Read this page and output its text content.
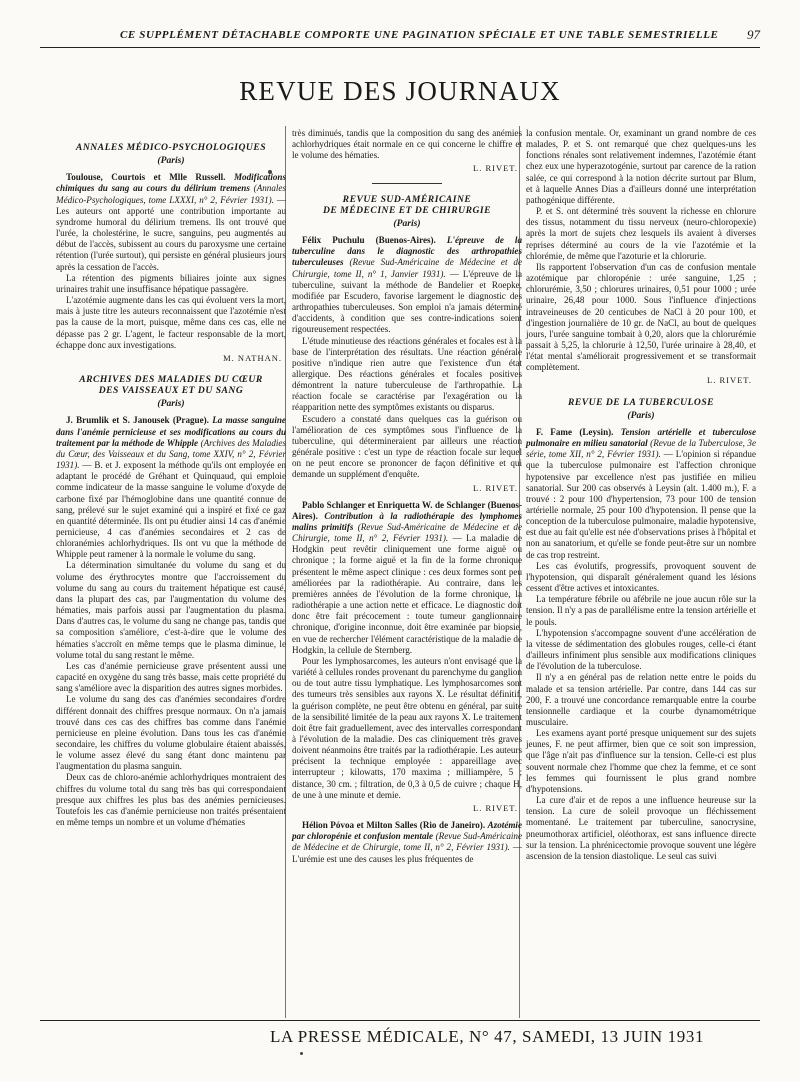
CE SUPPLÉMENT DÉTACHABLE COMPORTE UNE PAGINATION SPÉCIALE ET UNE TABLE SEMESTRIELLE 97
REVUE DES JOURNAUX
ANNALES MÉDICO-PSYCHOLOGIQUES
(Paris)

Toulouse, Courtois et Mlle Russell. Modifications chimiques du sang au cours du délirium tremens (Annales Médico-Psychologiques, tome LXXXI, n° 2, Février 1931). — Les auteurs ont apporté une contribution importante au syndrome humoral du délirium tremens. Ils ont trouvé que l'urée, la cholestérine, le sucre, sanguins, peu augmentés au début de l'accès, subissent au cours du paroxysme une certaine rétention (l'urée surtout), qui persiste en général plusieurs jours après la cessation de l'accès.

La rétention des pigments biliaires jointe aux signes urinaires trahit une insuffisance hépatique passagère.

L'azotémie augmente dans les cas qui évoluent vers la mort, mais à juste titre les auteurs reconnaissent que l'azotémie n'est pas la cause de la mort, puisque, même dans ces cas, elle ne dépasse pas 2 gr. L'agent, le facteur responsable de la mort, échappe donc aux investigations.

M. NATHAN.
ARCHIVES DES MALADIES DU CŒUR
DES VAISSEAUX ET DU SANG
(Paris)

J. Brumlik et S. Janousek (Prague). La masse sanguine dans l'anémie pernicieuse et ses modifications au cours du traitement par la méthode de Whipple (Archives des Maladies du Cœur, des Vaisseaux et du Sang, tome XXIV, n° 2, Février 1931). — B. et J. exposent la méthode qu'ils ont employée en adaptant le procédé de Gréhant et Quinquaud, qui emploie comme indicateur de la masse sanguine le volume d'oxyde de carbone fixé par l'hémoglobine dans une quantité connue de sang, prélevé sur le sujet examiné qui a inspiré et fixé ce gaz en quantité déterminée. Ils ont pu étudier ainsi 14 cas d'anémie pernicieuse, 4 cas d'anémies secondaires et 2 cas de chloranémies achlorhydriques. Ils ont vu que la méthode de Whipple peut ramener à la normale le volume du sang.

La détermination simultanée du volume du sang et du volume des érythrocytes montre que l'accroissement du volume du sang au cours du traitement hépatique est causé, dans la plupart des cas, par l'augmentation du volume des hématies, mais parfois aussi par l'augmentation du plasma. Dans d'autres cas, le volume du sang ne change pas, tandis que sa composition s'améliore, c'est-à-dire que le volume des hématies s'accroît en même temps que le plasma diminue, le volume total du sang restant le même.

Les cas d'anémie pernicieuse grave présentent aussi une capacité en oxygène du sang très basse, mais cette propriété du sang s'améliore avec la disparition des autres signes morbides.

Le volume du sang des cas d'anémies secondaires d'ordre différent donnait des chiffres presque normaux. On n'a jamais trouvé dans ces cas des chiffres bas comme dans l'anémie pernicieuse en pleine évolution. Dans tous les cas d'anémie secondaire, les chiffres du volume globulaire étaient abaissés, le volume assez élevé du sang étant donc maintenu par l'augmentation du plasma sanguin.

Deux cas de chloro-anémie achlorhydriques montraient des chiffres du volume total du sang très bas qui correspondaient presque aux chiffres les plus bas des anémies pernicieuses. Toutefois les cas d'anémie pernicieuse non traités présentaient en même temps un nombre et un volume d'hématies

très diminués, tandis que la composition du sang des anémies achlorhydriques était normale en ce qui concerne le chiffre et le volume des hématies.

L. RIVET.
REVUE SUD-AMÉRICAINE
DE MÉDECINE ET DE CHIRURGIE
(Paris)

Félix Puchulu (Buenos-Aires). L'épreuve de la tuberculine dans le diagnostic des arthropathies tuberculeuses (Revue Sud-Américaine de Médecine et de Chirurgie, tome II, n° 1, Janvier 1931). — L'épreuve de la tuberculine, suivant la méthode de Bandelier et Roepke, modifiée par Escudero, favorise largement le diagnostic des arthropathies tuberculeuses. Son emploi n'a jamais déterminé d'accidents, à condition que ses contre-indications soient rigoureusement respectées.

L'étude minutieuse des réactions générales et focales est à la base de l'interprétation des résultats. Une réaction générale positive n'indique rien autre que l'existence d'un état allergique. Des réactions générales et focales positives démontrent la nature tuberculeuse de l'arthropathie. La réaction focale se caractérise par l'exagération ou la réapparition nette des symptômes existants ou disparus.

Escudero a constaté dans quelques cas la guérison ou l'amélioration de ces symptômes sous l'influence de la tuberculine, qui détermineraient par ailleurs une réaction générale positive : c'est un type de réaction focale sur lequel on ne peut encore se prononcer de façon définitive et qui demande un supplément d'enquête.

L. RIVET.

Pablo Schlanger et Enriquetta W. de Schlanger (Buenos-Aires). Contribution à la radiothérapie des lymphomes malins primitifs (Revue Sud-Américaine de Médecine et de Chirurgie, tome II, n° 2, Février 1931). — La maladie de Hodgkin peut revêtir cliniquement une forme aiguë ou chronique ; la forme aiguë et la fin de la forme chronique présentent le même aspect clinique : ces deux formes sont peu améliorées par la radiothérapie. Au contraire, dans les premières années de l'évolution de la forme chronique, la radiothérapie a une action nette et efficace. Le diagnostic doit donc être fait précocement : toute tumeur ganglionnaire chronique, d'origine inconnue, doit être examinée par biopsie, en vue de rechercher l'élément caractéristique de la maladie de Hodgkin, la cellule de Sternberg.

Pour les lymphosarcomes, les auteurs n'ont envisagé que la variété à cellules rondes provenant du parenchyme du ganglion ou de tout autre tissu lymphatique. Les lymphosarcomes sont des tumeurs très sensibles aux rayons X. Le résultat définitif, la guérison complète, ne peut être obtenu en général, par suite de la sensibilité limitée de la peau aux rayons X. Le traitement doit être fait graduellement, avec des intervalles correspondant à l'évolution de la maladie. Des cas cliniquement très graves doivent néanmoins être traités par la radiothérapie. Les auteurs précisent la technique employée : appareillage avec interrupteur ; kilowatts, 170 maxima ; milliampère, 5 ; distance, 30 cm. ; filtration, de 0,3 à 0,5 de cuivre ; chaque H, de une à une minute et demie.

L. RIVET.

Hélion Póvoa et Milton Salles (Rio de Janeiro). Azotémie par chloropénie et confusion mentale (Revue Sud-Américaine de Médecine et de Chirurgie, tome II, n° 2, Février 1931). — L'urémie est une des causes les plus fréquentes de

la confusion mentale. Or, examinant un grand nombre de ces malades, P. et S. ont remarqué que chez quelques-uns les fonctions rénales sont relativement indemnes, l'azotémie étant chez eux une hyperazotogénie, surtout par carence de la ration salée, ce qui correspond à la notion décrite surtout par Blum, et à laquelle Annes Dias a d'ailleurs donné une interprétation pathogénique différente.

P. et S. ont déterminé très souvent la richesse en chlorure des tissus, notamment du tissu nerveux (neuro-chloropexie) après la mort de sujets chez lesquels ils avaient à diverses reprises déterminé au cours de la vie l'azotémie et la chlorémie, de même que l'azoturie et la chlorurie.

Ils rapportent l'observation d'un cas de confusion mentale azotémique par chloropénie : urée sanguine, 1,25 ; chlorurémie, 3,50 ; chlorures urinaires, 0,51 pour 1000 ; urée urinaire, 26,48 pour 1000. Sous l'influence d'injections intraveineuses de 20 centicubes de NaCl à 20 pour 100, et d'ingestion journalière de 10 gr. de NaCl, au bout de quelques jours, l'urée sanguine tombait à 0,20, alors que la chlorurémie passait à 5,25, la chlorurie à 12,50, l'urée urinaire à 28,40, et l'état mental s'améliorait progressivement et se transformait complètement.

L. RIVET.
REVUE DE LA TUBERCULOSE
(Paris)

F. Fame (Leysin). Tension artérielle et tuberculose pulmonaire en milieu sanatorial (Revue de la Tuberculose, 3e série, tome XII, n° 2, Février 1931). — L'opinion si répandue que la tuberculose pulmonaire est l'affection chronique hypotensive par excellence n'est pas justifiée en milieu sanatorial. Sur 200 cas observés à Leysin (alt. 1.400 m.), F. a trouvé : 2 pour 100 d'hypertension, 73 pour 100 de tension artérielle normale, 25 pour 100 d'hypotension. Il pense que la conception de la tuberculose pulmonaire, maladie hypotensive, est due au fait qu'elle est née d'observations prises à l'hôpital et non au sanatorium, et qu'elle se fonde peut-être sur un nombre de cas trop restreint.

Les cas évolutifs, progressifs, provoquent souvent de l'hypotension, qui disparaît généralement quand les lésions cessent d'être actives et intoxicantes.

La température fébrile ou afébrile ne joue aucun rôle sur la tension. Il n'y a pas de parallélisme entre la tension artérielle et le pouls.

L'hypotension s'accompagne souvent d'une accélération de la vitesse de sédimentation des globules rouges, celle-ci étant d'ailleurs infiniment plus sensible aux modifications cliniques de l'évolution de la tuberculose.

Il n'y a en général pas de relation nette entre le poids du malade et sa tension artérielle. Par contre, dans 144 cas sur 200, F. a trouvé une concordance remarquable entre la courbe tensionnelle cardiaque et la courbe dynamométrique musculaire.

Les examens ayant porté presque uniquement sur des sujets jeunes, F. ne peut affirmer, bien que ce soit son impression, que l'âge n'ait pas d'influence sur la tension. Celle-ci est plus souvent normale chez l'homme que chez la femme, et ce sont les femmes qui fournissent le plus grand nombre d'hypotensions.

La cure d'air et de repos a une influence heureuse sur la tension. La cure de soleil provoque un fléchissement momentané. Le traitement par tuberculine, sanocrysine, pneumothorax artificiel, oléothorax, est sans influence directe sur la tension. La phrénicectomie provoque souvent une légère ascension de la tension diastolique. Le seul cas suivi

LA PRESSE MÉDICALE, N° 47, SAMEDI, 13 JUIN 1931
